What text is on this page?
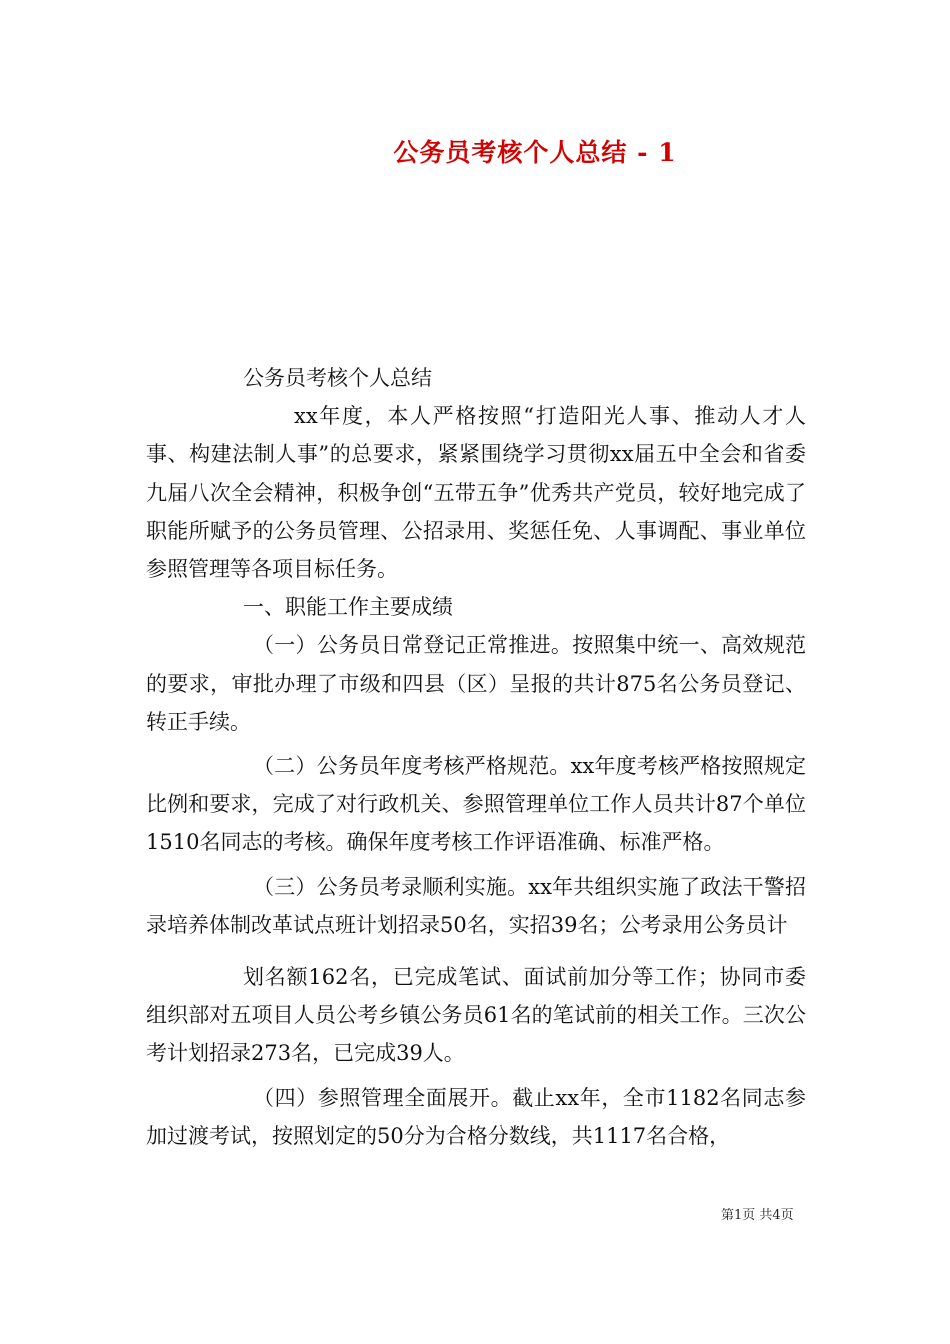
公务员考核个人总结 - 1

公务员考核个人总结

xx年度，本人严格按照“打造阳光人事、推动人才人事、构建法制人事”的总要求，紧紧围绕学习贯彻xx届五中全会和省委九届八次全会精神，积极争创“五带五争”优秀共产党员，较好地完成了职能所赋予的公务员管理、公招录用、奖惩任免、人事调配、事业单位参照管理等各项目标任务。

一、职能工作主要成绩

（一）公务员日常登记正常推进。按照集中统一、高效规范的要求，审批办理了市级和四县（区）呈报的共计875名公务员登记、转正手续。

（二）公务员年度考核严格规范。xx年度考核严格按照规定比例和要求，完成了对行政机关、参照管理单位工作人员共计87个单位1510名同志的考核。确保年度考核工作评语准确、标准严格。

（三）公务员考录顺利实施。xx年共组织实施了政法干警招录培养体制改革试点班计划招录50名，实招39名；公考录用公务员计

划名额162名，已完成笔试、面试前加分等工作；协同市委组织部对五项目人员公考乡镇公务员61名的笔试前的相关工作。三次公考计划招录273名，已完成39人。

（四）参照管理全面展开。截止xx年，全市1182名同志参加过渡考试，按照划定的50分为合格分数线，共1117名合格，

第1页 共4页
